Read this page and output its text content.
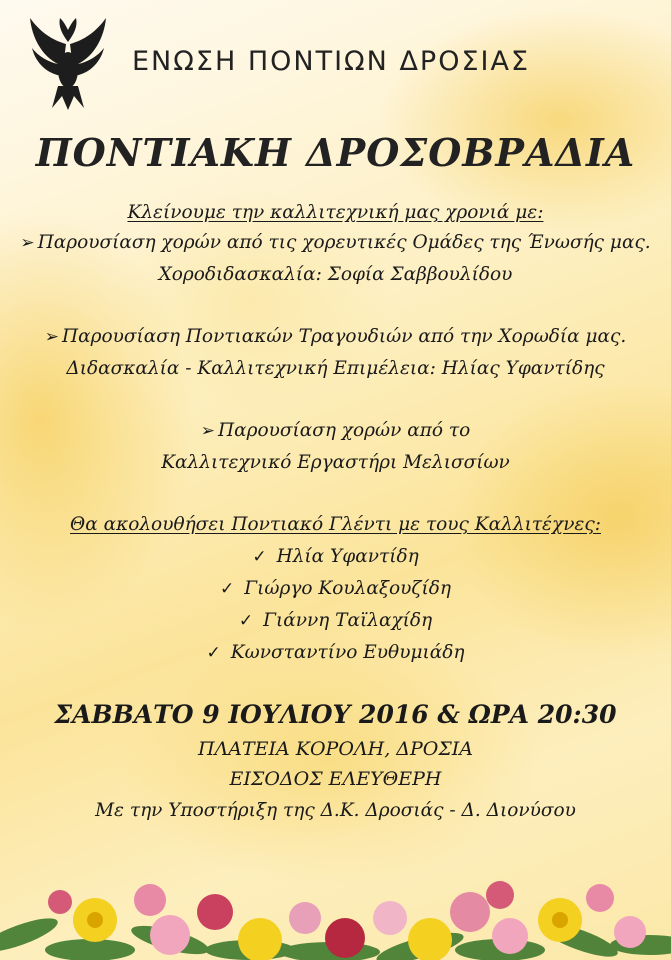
ΕΝΩΣΗ ΠΟΝΤΙΩΝ ΔΡΟΣΙΑΣ
ΠΟΝΤΙΑΚΗ ΔΡΟΣΟΒΡΑΔΙΑ
Κλείνουμε την καλλιτεχνική μας χρονιά με:
➢ Παρουσίαση χορών από τις χορευτικές Ομάδες της Ένωσής μας.
Χοροδιδασκαλία: Σοφία Σαββουλίδου
➢ Παρουσίαση Ποντιακών Τραγουδιών από την Χορωδία μας.
Διδασκαλία - Καλλιτεχνική Επιμέλεια: Ηλίας Υφαντίδης
➢ Παρουσίαση χορών από το
Καλλιτεχνικό Εργαστήρι Μελισσίων
Θα ακολουθήσει Ποντιακό Γλέντι με τους Καλλιτέχνες:
✓ Ηλία Υφαντίδη
✓ Γιώργο Κουλαξουζίδη
✓ Γιάννη Ταϊλαχίδη
✓ Κωνσταντίνο Ευθυμιάδη
ΣΑΒΒΑΤΟ 9 ΙΟΥΛΙΟΥ 2016 & ΩΡΑ 20:30
ΠΛΑΤΕΙΑ ΚΟΡΟΛΗ, ΔΡΟΣΙΑ
ΕΙΣΟΔΟΣ ΕΛΕΥΘΕΡΗ
Με την Υποστήριξη της Δ.Κ. Δροσιάς - Δ. Διονύσου
